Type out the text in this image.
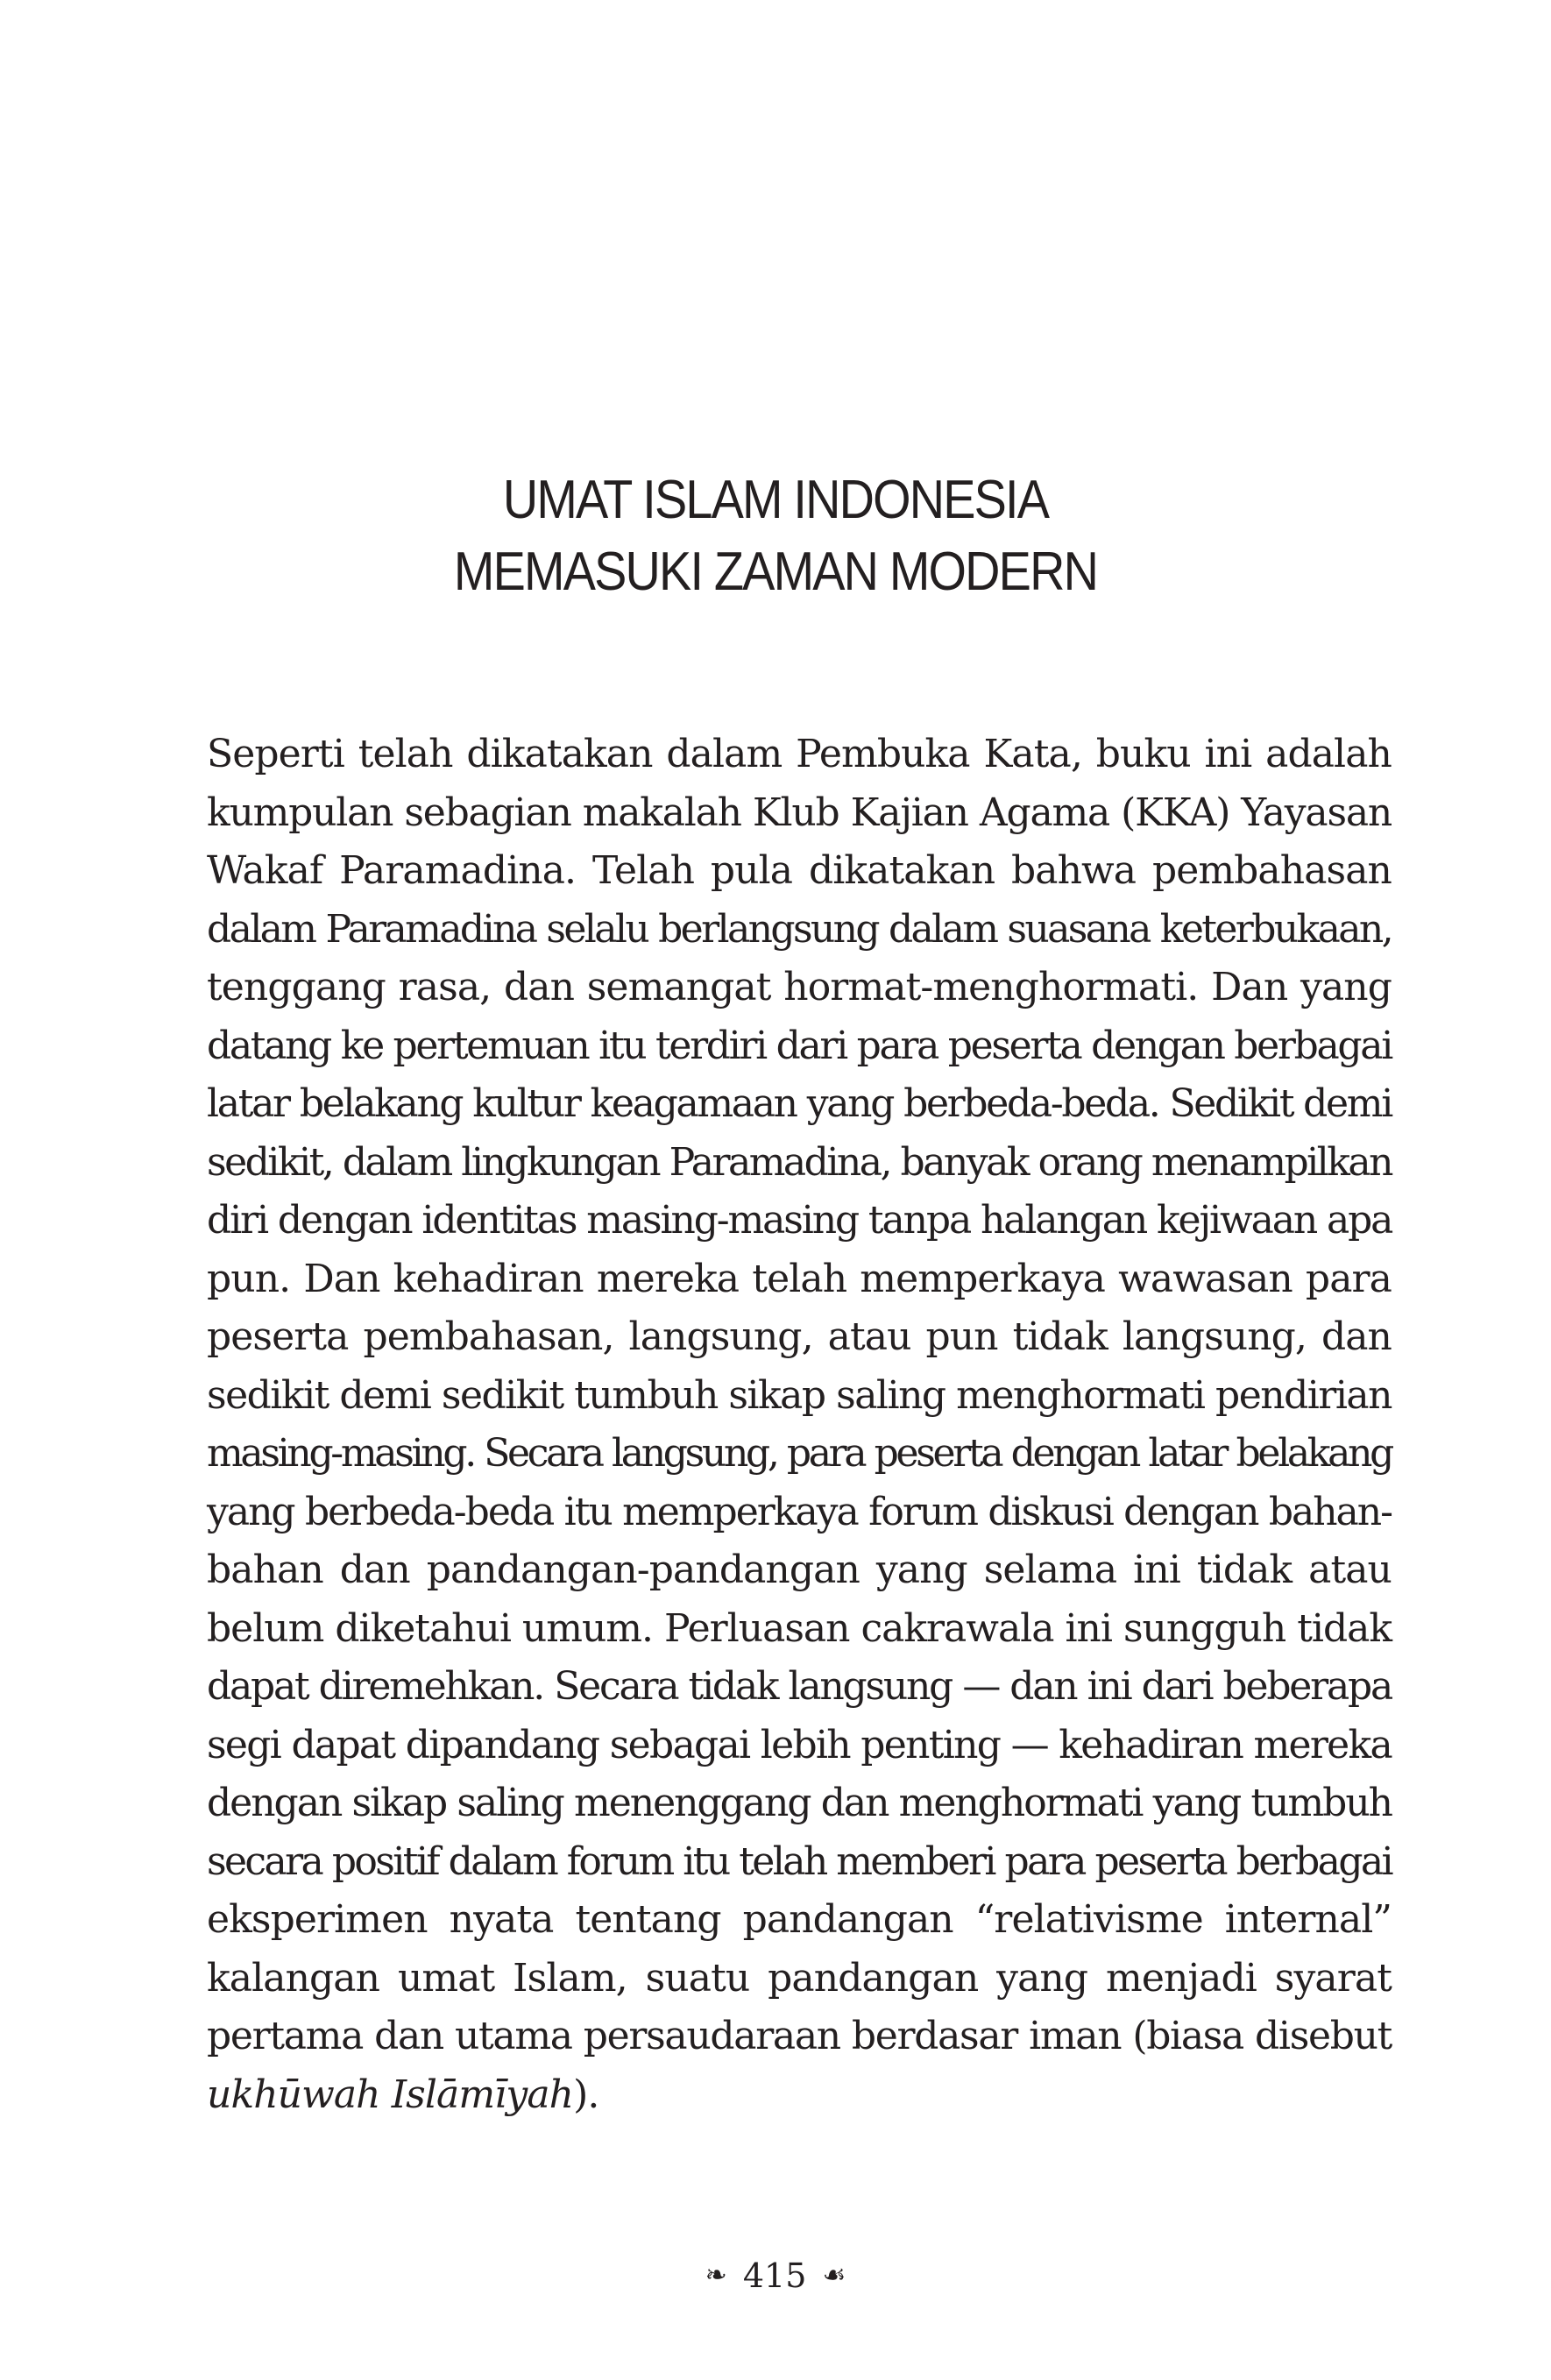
UMAT ISLAM INDONESIA
MEMASUKI ZAMAN MODERN
Seperti telah dikatakan dalam Pembuka Kata, buku ini adalah
kumpulan sebagian makalah Klub Kajian Agama (KKA) Yayasan
Wakaf Paramadina. Telah pula dikatakan bahwa pembahasan
dalam Paramadina selalu berlangsung dalam suasana keterbukaan,
tenggang rasa, dan semangat hormat-menghormati. Dan yang
datang ke pertemuan itu terdiri dari para peserta dengan berbagai
latar belakang kultur keagamaan yang berbeda-beda. Sedikit demi
sedikit, dalam lingkungan Paramadina, banyak orang menampilkan
diri dengan identitas masing-masing tanpa halangan kejiwaan apa
pun. Dan kehadiran mereka telah memperkaya wawasan para
peserta pembahasan, langsung, atau pun tidak langsung, dan
sedikit demi sedikit tumbuh sikap saling menghormati pendirian
masing-masing. Secara langsung, para peserta dengan latar belakang
yang berbeda-beda itu memperkaya forum diskusi dengan bahan-
bahan dan pandangan-pandangan yang selama ini tidak atau
belum diketahui umum. Perluasan cakrawala ini sungguh tidak
dapat diremehkan. Secara tidak langsung — dan ini dari beberapa
segi dapat dipandang sebagai lebih penting — kehadiran mereka
dengan sikap saling menenggang dan menghormati yang tumbuh
secara positif dalam forum itu telah memberi para peserta berbagai
eksperimen nyata tentang pandangan “relativisme internal”
kalangan umat Islam, suatu pandangan yang menjadi syarat
pertama dan utama persaudaraan berdasar iman (biasa disebut
ukhūwah Islāmīyah).
❧ 415 ☙
